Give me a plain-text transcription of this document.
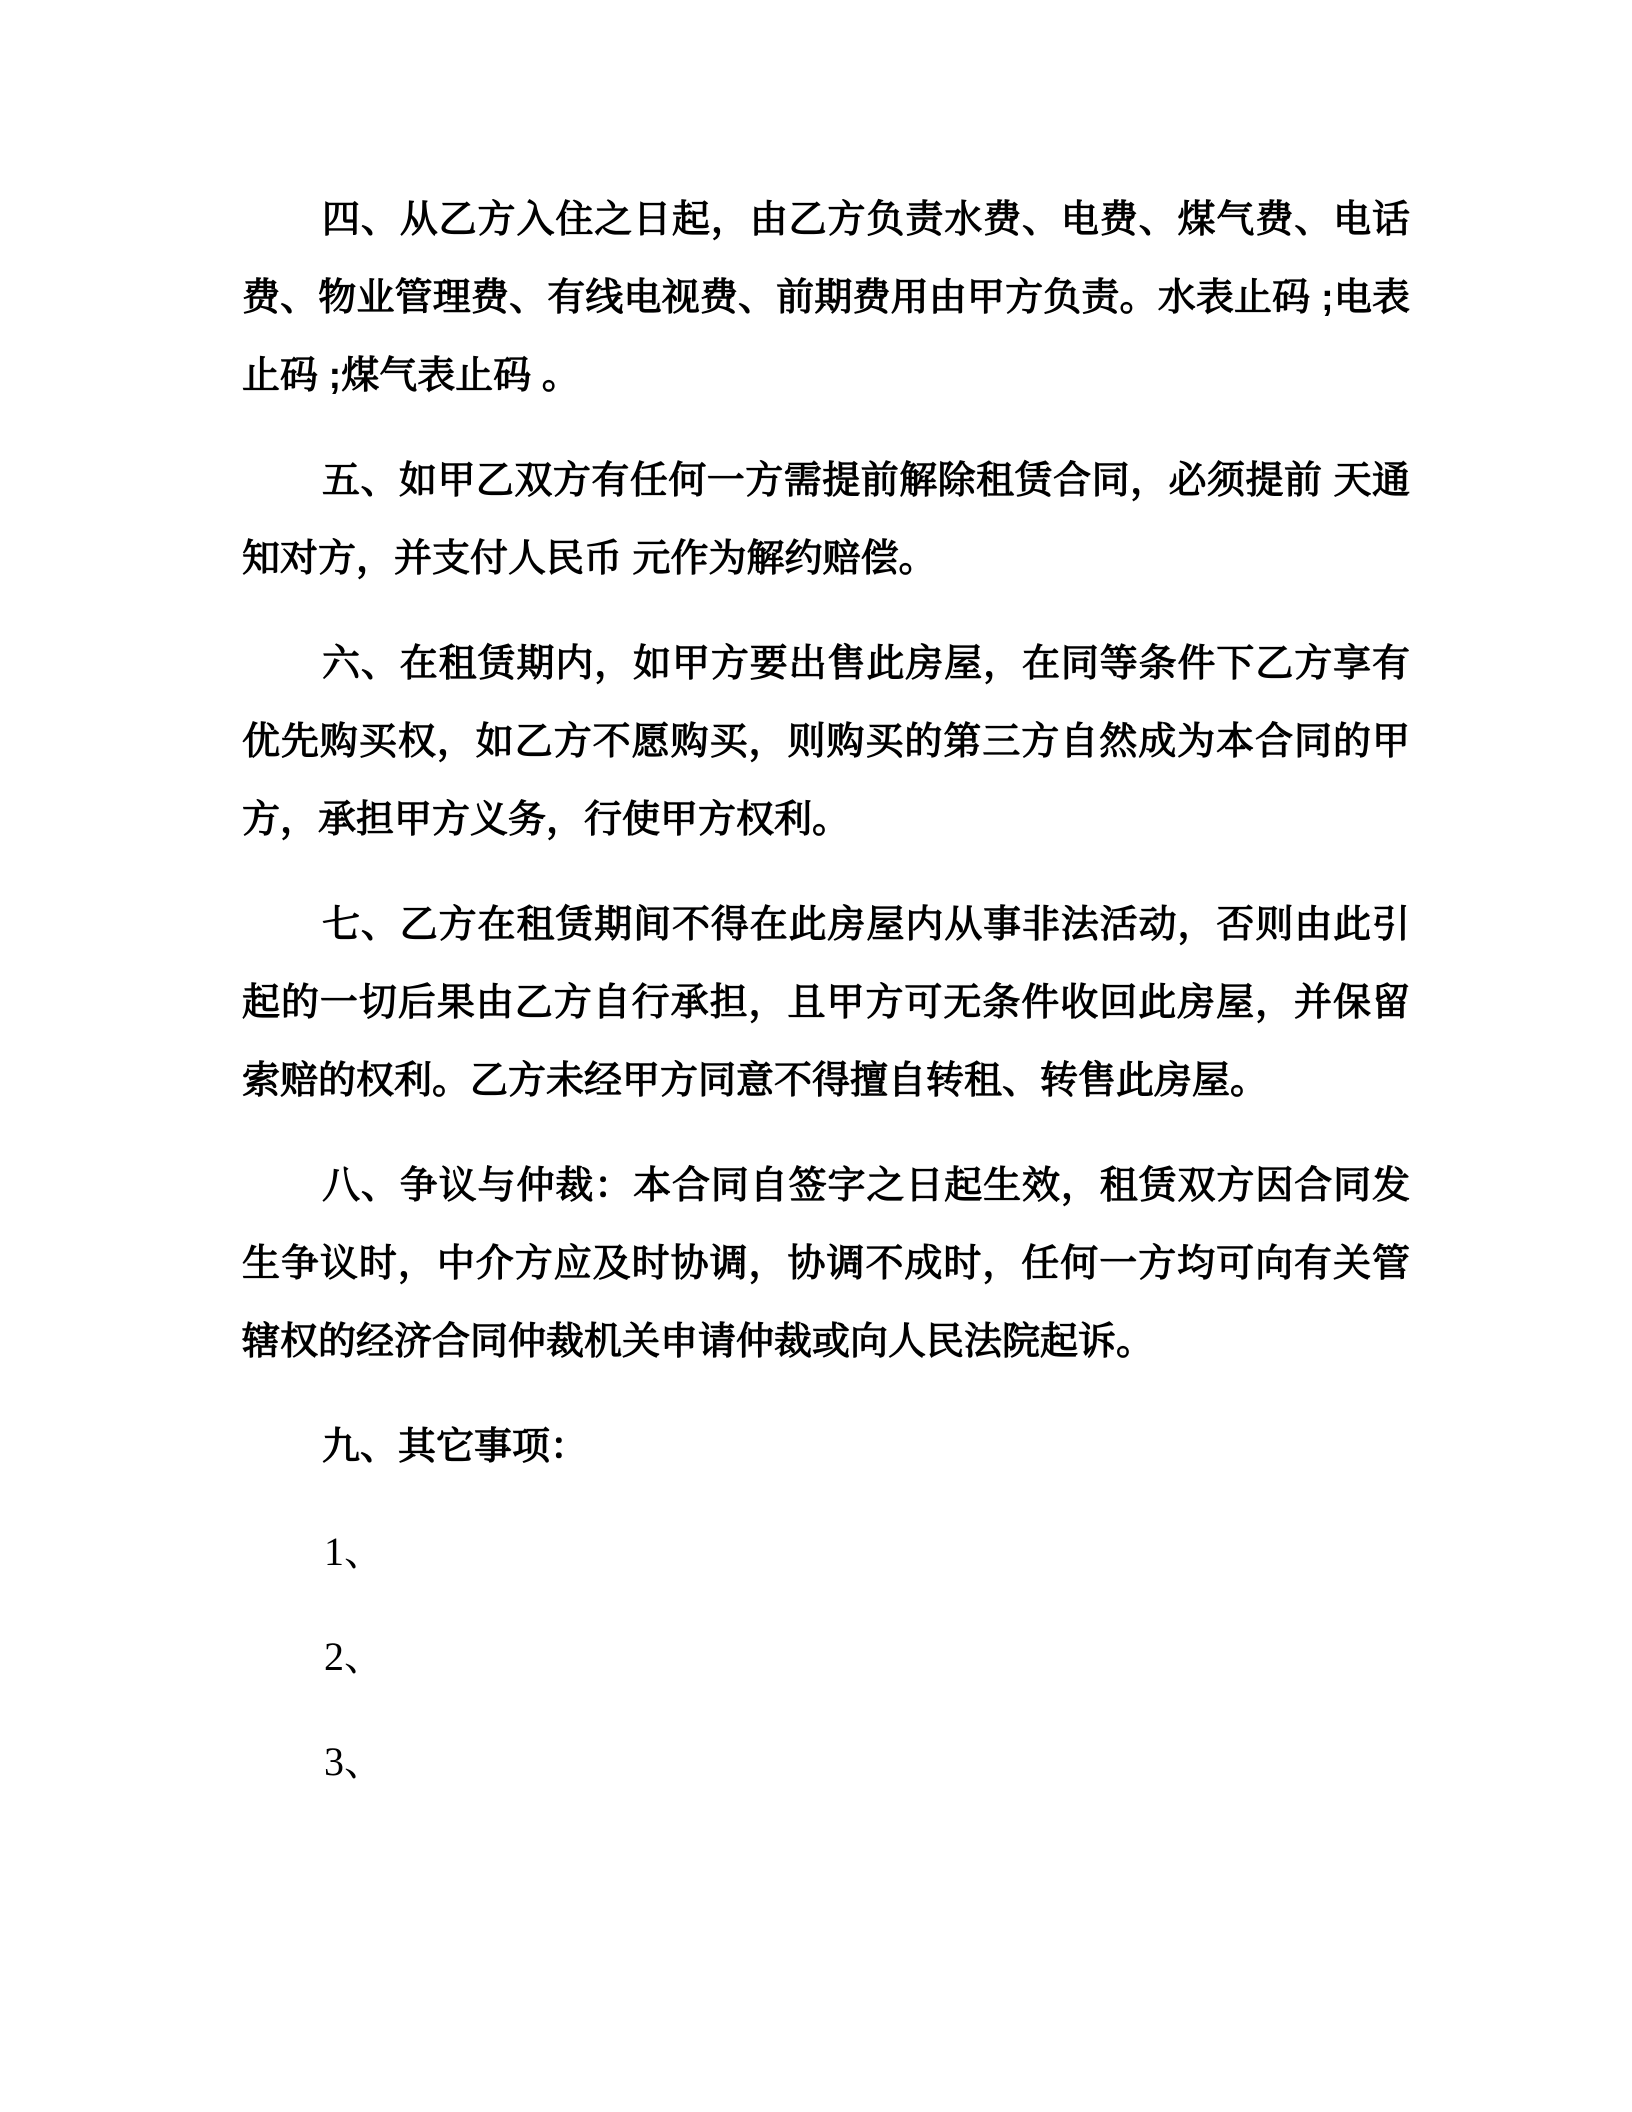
四、从乙方入住之日起，由乙方负责水费、电费、煤气费、电话
费、物业管理费、有线电视费、前期费用由甲方负责。水表止码 ;电表
止码 ;煤气表止码 。
五、如甲乙双方有任何一方需提前解除租赁合同，必须提前 天通
知对方，并支付人民币 元作为解约赔偿。
六、在租赁期内，如甲方要出售此房屋，在同等条件下乙方享有
优先购买权，如乙方不愿购买，则购买的第三方自然成为本合同的甲
方，承担甲方义务，行使甲方权利。
七、乙方在租赁期间不得在此房屋内从事非法活动，否则由此引
起的一切后果由乙方自行承担，且甲方可无条件收回此房屋，并保留
索赔的权利。乙方未经甲方同意不得擅自转租、转售此房屋。
八、争议与仲裁：本合同自签字之日起生效，租赁双方因合同发
生争议时，中介方应及时协调，协调不成时，任何一方均可向有关管
辖权的经济合同仲裁机关申请仲裁或向人民法院起诉。
九、其它事项：
1、
2、
3、
